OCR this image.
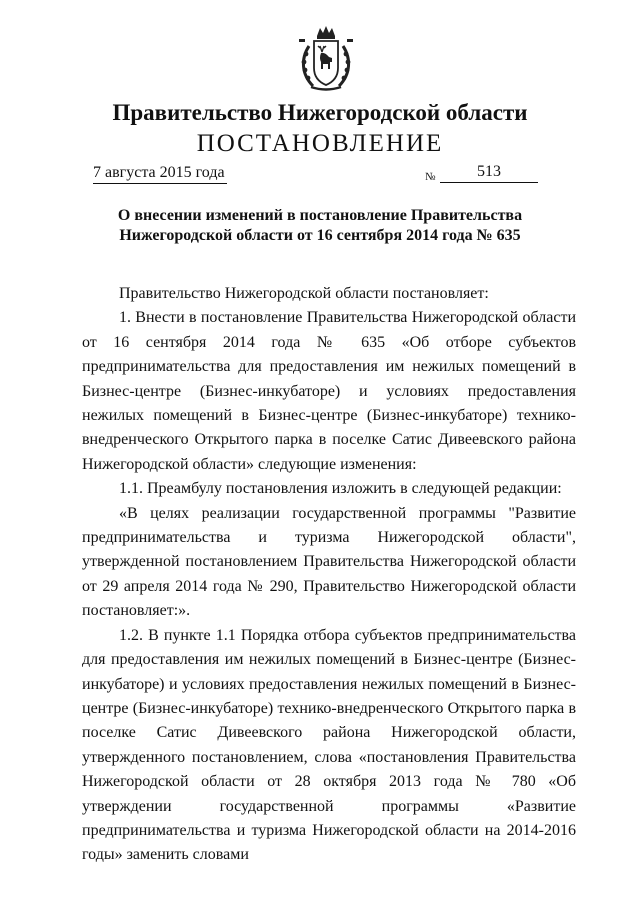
Правительство Нижегородской области
ПОСТАНОВЛЕНИЕ
7 августа 2015 года	№	513
О внесении изменений в постановление Правительства
Нижегородской области от 16 сентября 2014 года № 635

Правительство Нижегородской области постановляет:

1. Внести в постановление Правительства Нижегородской области от 16 сентября 2014 года № 635 «Об отборе субъектов предпринимательства для предоставления им нежилых помещений в Бизнес-центре (Бизнес-инкубаторе) и условиях предоставления нежилых помещений в Бизнес-центре (Бизнес-инкубаторе) технико-внедренческого Открытого парка в поселке Сатис Дивеевского района Нижегородской области» следующие изменения:

1.1. Преамбулу постановления изложить в следующей редакции:

«В целях реализации государственной программы "Развитие предпринимательства и туризма Нижегородской области", утвержденной постановлением Правительства Нижегородской области от 29 апреля 2014 года № 290, Правительство Нижегородской области постановляет:».

1.2. В пункте 1.1 Порядка отбора субъектов предпринимательства для предоставления им нежилых помещений в Бизнес-центре (Бизнес-инкубаторе) и условиях предоставления нежилых помещений в Бизнес-центре (Бизнес-инкубаторе) технико-внедренческого Открытого парка в поселке Сатис Дивеевского района Нижегородской области, утвержденного постановлением, слова «постановления Правительства Нижегородской области от 28 октября 2013 года № 780 «Об утверждении государственной программы «Развитие предпринимательства и туризма Нижегородской области на 2014-2016 годы» заменить словами
